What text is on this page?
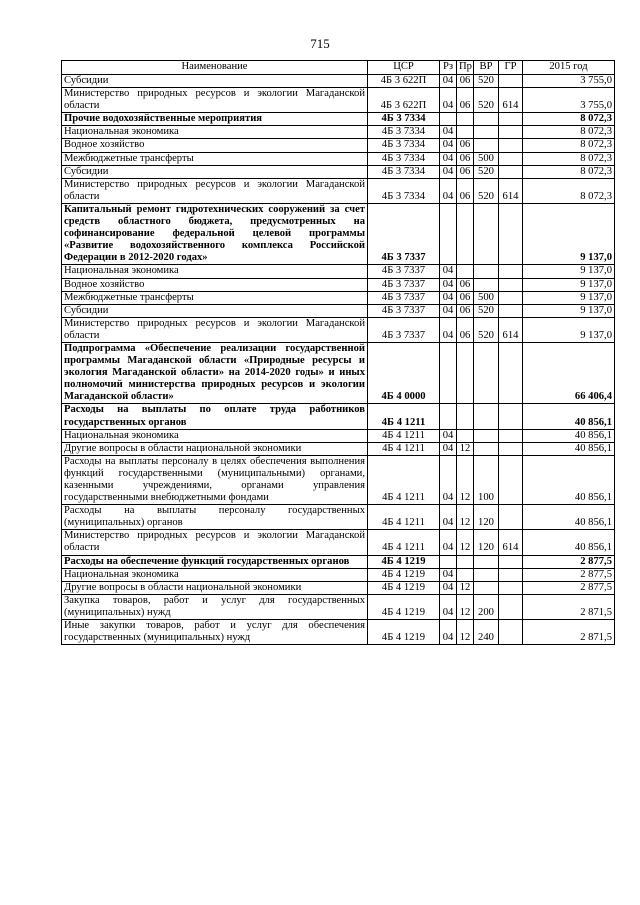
715
Наименование	ЦСР	Рз	Пр	ВР	ГР	2015 год
Субсидии	4Б 3 622П	04	06	520		3 755,0
Министерство природных ресурсов и экологии Магаданской области	4Б 3 622П	04	06	520	614	3 755,0
Прочие водохозяйственные мероприятия	4Б 3 7334					8 072,3
Национальная экономика	4Б 3 7334	04				8 072,3
Водное хозяйство	4Б 3 7334	04	06			8 072,3
Межбюджетные трансферты	4Б 3 7334	04	06	500		8 072,3
Субсидии	4Б 3 7334	04	06	520		8 072,3
Министерство природных ресурсов и экологии Магаданской области	4Б 3 7334	04	06	520	614	8 072,3
Капитальный ремонт гидротехнических сооружений за счет средств областного бюджета, предусмотренных на софинансирование федеральной целевой программы «Развитие водохозяйственного комплекса Российской Федерации в 2012-2020 годах»	4Б 3 7337					9 137,0
Национальная экономика	4Б 3 7337	04				9 137,0
Водное хозяйство	4Б 3 7337	04	06			9 137,0
Межбюджетные трансферты	4Б 3 7337	04	06	500		9 137,0
Субсидии	4Б 3 7337	04	06	520		9 137,0
Министерство природных ресурсов и экологии Магаданской области	4Б 3 7337	04	06	520	614	9 137,0
Подпрограмма «Обеспечение реализации государственной программы Магаданской области «Природные ресурсы и экология Магаданской области» на 2014-2020 годы» и иных полномочий министерства природных ресурсов и экологии Магаданской области»	4Б 4 0000					66 406,4
Расходы на выплаты по оплате труда работников государственных органов	4Б 4 1211					40 856,1
Национальная экономика	4Б 4 1211	04				40 856,1
Другие вопросы в области национальной экономики	4Б 4 1211	04	12			40 856,1
Расходы на выплаты персоналу в целях обеспечения выполнения функций государственными (муниципальными) органами, казенными учреждениями, органами управления государственными внебюджетными фондами	4Б 4 1211	04	12	100		40 856,1
Расходы на выплаты персоналу государственных (муниципальных) органов	4Б 4 1211	04	12	120		40 856,1
Министерство природных ресурсов и экологии Магаданской области	4Б 4 1211	04	12	120	614	40 856,1
Расходы на обеспечение функций государственных органов	4Б 4 1219					2 877,5
Национальная экономика	4Б 4 1219	04				2 877,5
Другие вопросы в области национальной экономики	4Б 4 1219	04	12			2 877,5
Закупка товаров, работ и услуг для государственных (муниципальных) нужд	4Б 4 1219	04	12	200		2 871,5
Иные закупки товаров, работ и услуг для обеспечения государственных (муниципальных) нужд	4Б 4 1219	04	12	240		2 871,5
